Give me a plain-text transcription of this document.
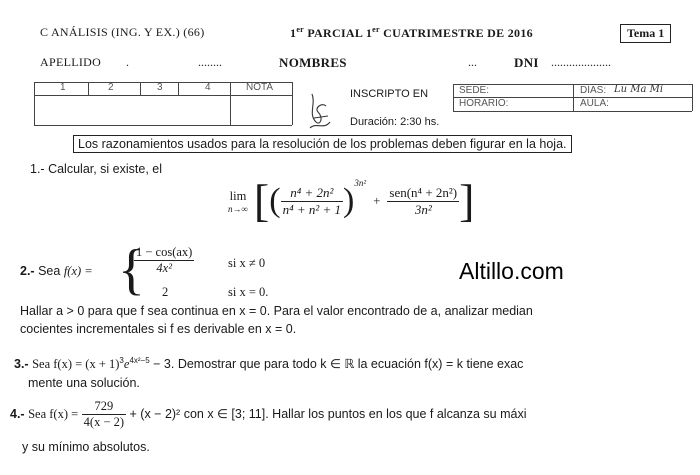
C ANÁLISIS (ING. Y EX.) (66)	1er PARCIAL 1er CUATRIMESTRE DE 2016	Tema 1
APELLIDO .	........	NOMBRES	...	DNI ....................
1	2	3	4	NOTA
INSCRIPTO EN
Duración: 2:30 hs.
SEDE:	DÍAS: Lu Ma Mi
HORARIO:	AULA:
Los razonamientos usados para la resolución de los problemas deben figurar en la hoja.
1.- Calcular, si existe, el
lim
n→∞ [( $\frac{\text{n⁴ + 2n²}}{\text{n⁴ + n² + 1}} )^{3n^2} + \frac{\text{sen(n⁴ + 2n²)}}{\text{3n²}}$ ]
2.- Sea f(x) = {
$\frac{1 - \cos(ax)}{\text{4x²}}$	si x ≠ 0
2	si x = 0.
Hallar a > 0 para que f sea continua en x = 0. Para el valor encontrado de a, analizar median
cocientes incrementales si f es derivable en x = 0.
3.- Sea $f(x) = (x + 1)^3e^{4x^2-5} - 3$. Demostrar que para todo k ∈ ℝ la ecuación f(x) = k tiene exac
mente una solución.
4.- Sea $f(x) = \frac{729}{4(x - 2)} + (x - 2)^2$ con x ∈ [3; 11]. Hallar los puntos en los que f alcanza su máxi
y su mínimo absolutos.
Altillo.com
